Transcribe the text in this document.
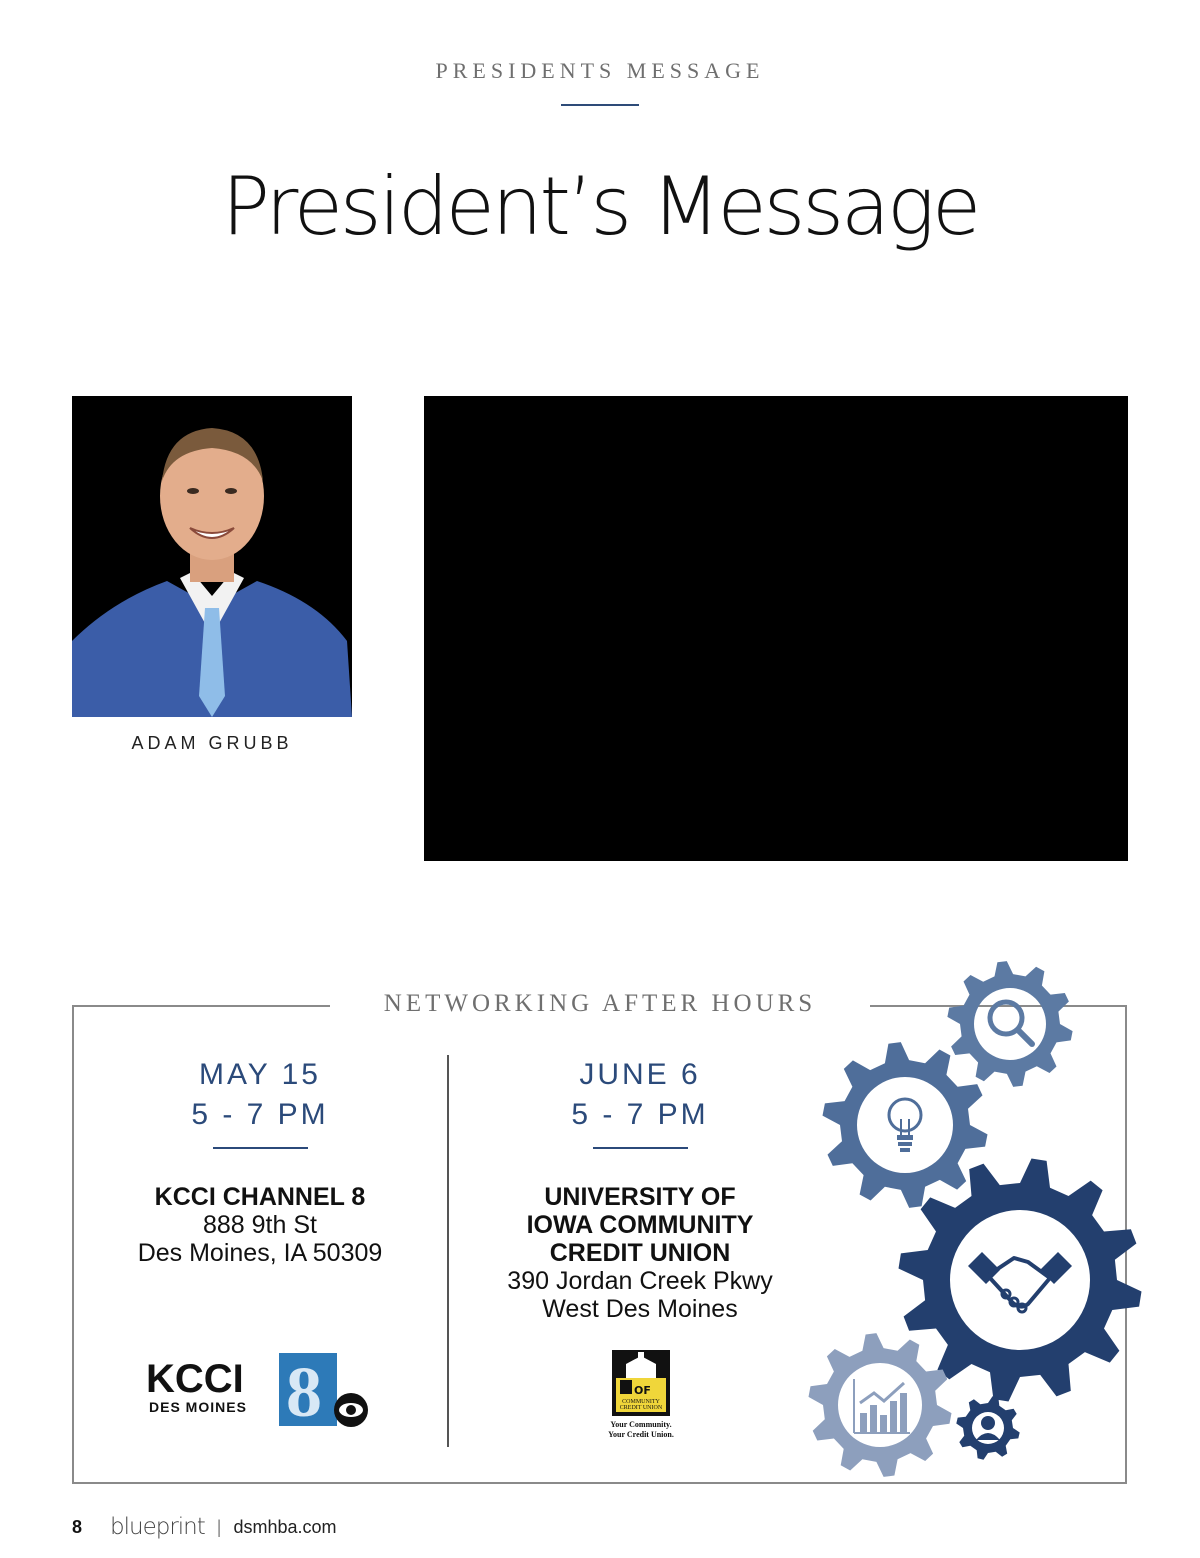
PRESIDENTS MESSAGE
President’s Message
ADAM GRUBB
NETWORKING AFTER HOURS
MAY 15
5 - 7 PM
KCCI CHANNEL 8
888 9th St
Des Moines, IA 50309
JUNE 6
5 - 7 PM
UNIVERSITY OF
IOWA COMMUNITY
CREDIT UNION
390 Jordan Creek Pkwy
West Des Moines
KCCI
DES MOINES 8	OF
COMMUNITY
CREDIT UNION
Your Community.
Your Credit Union.
8 blueprint | dsmhba.com
